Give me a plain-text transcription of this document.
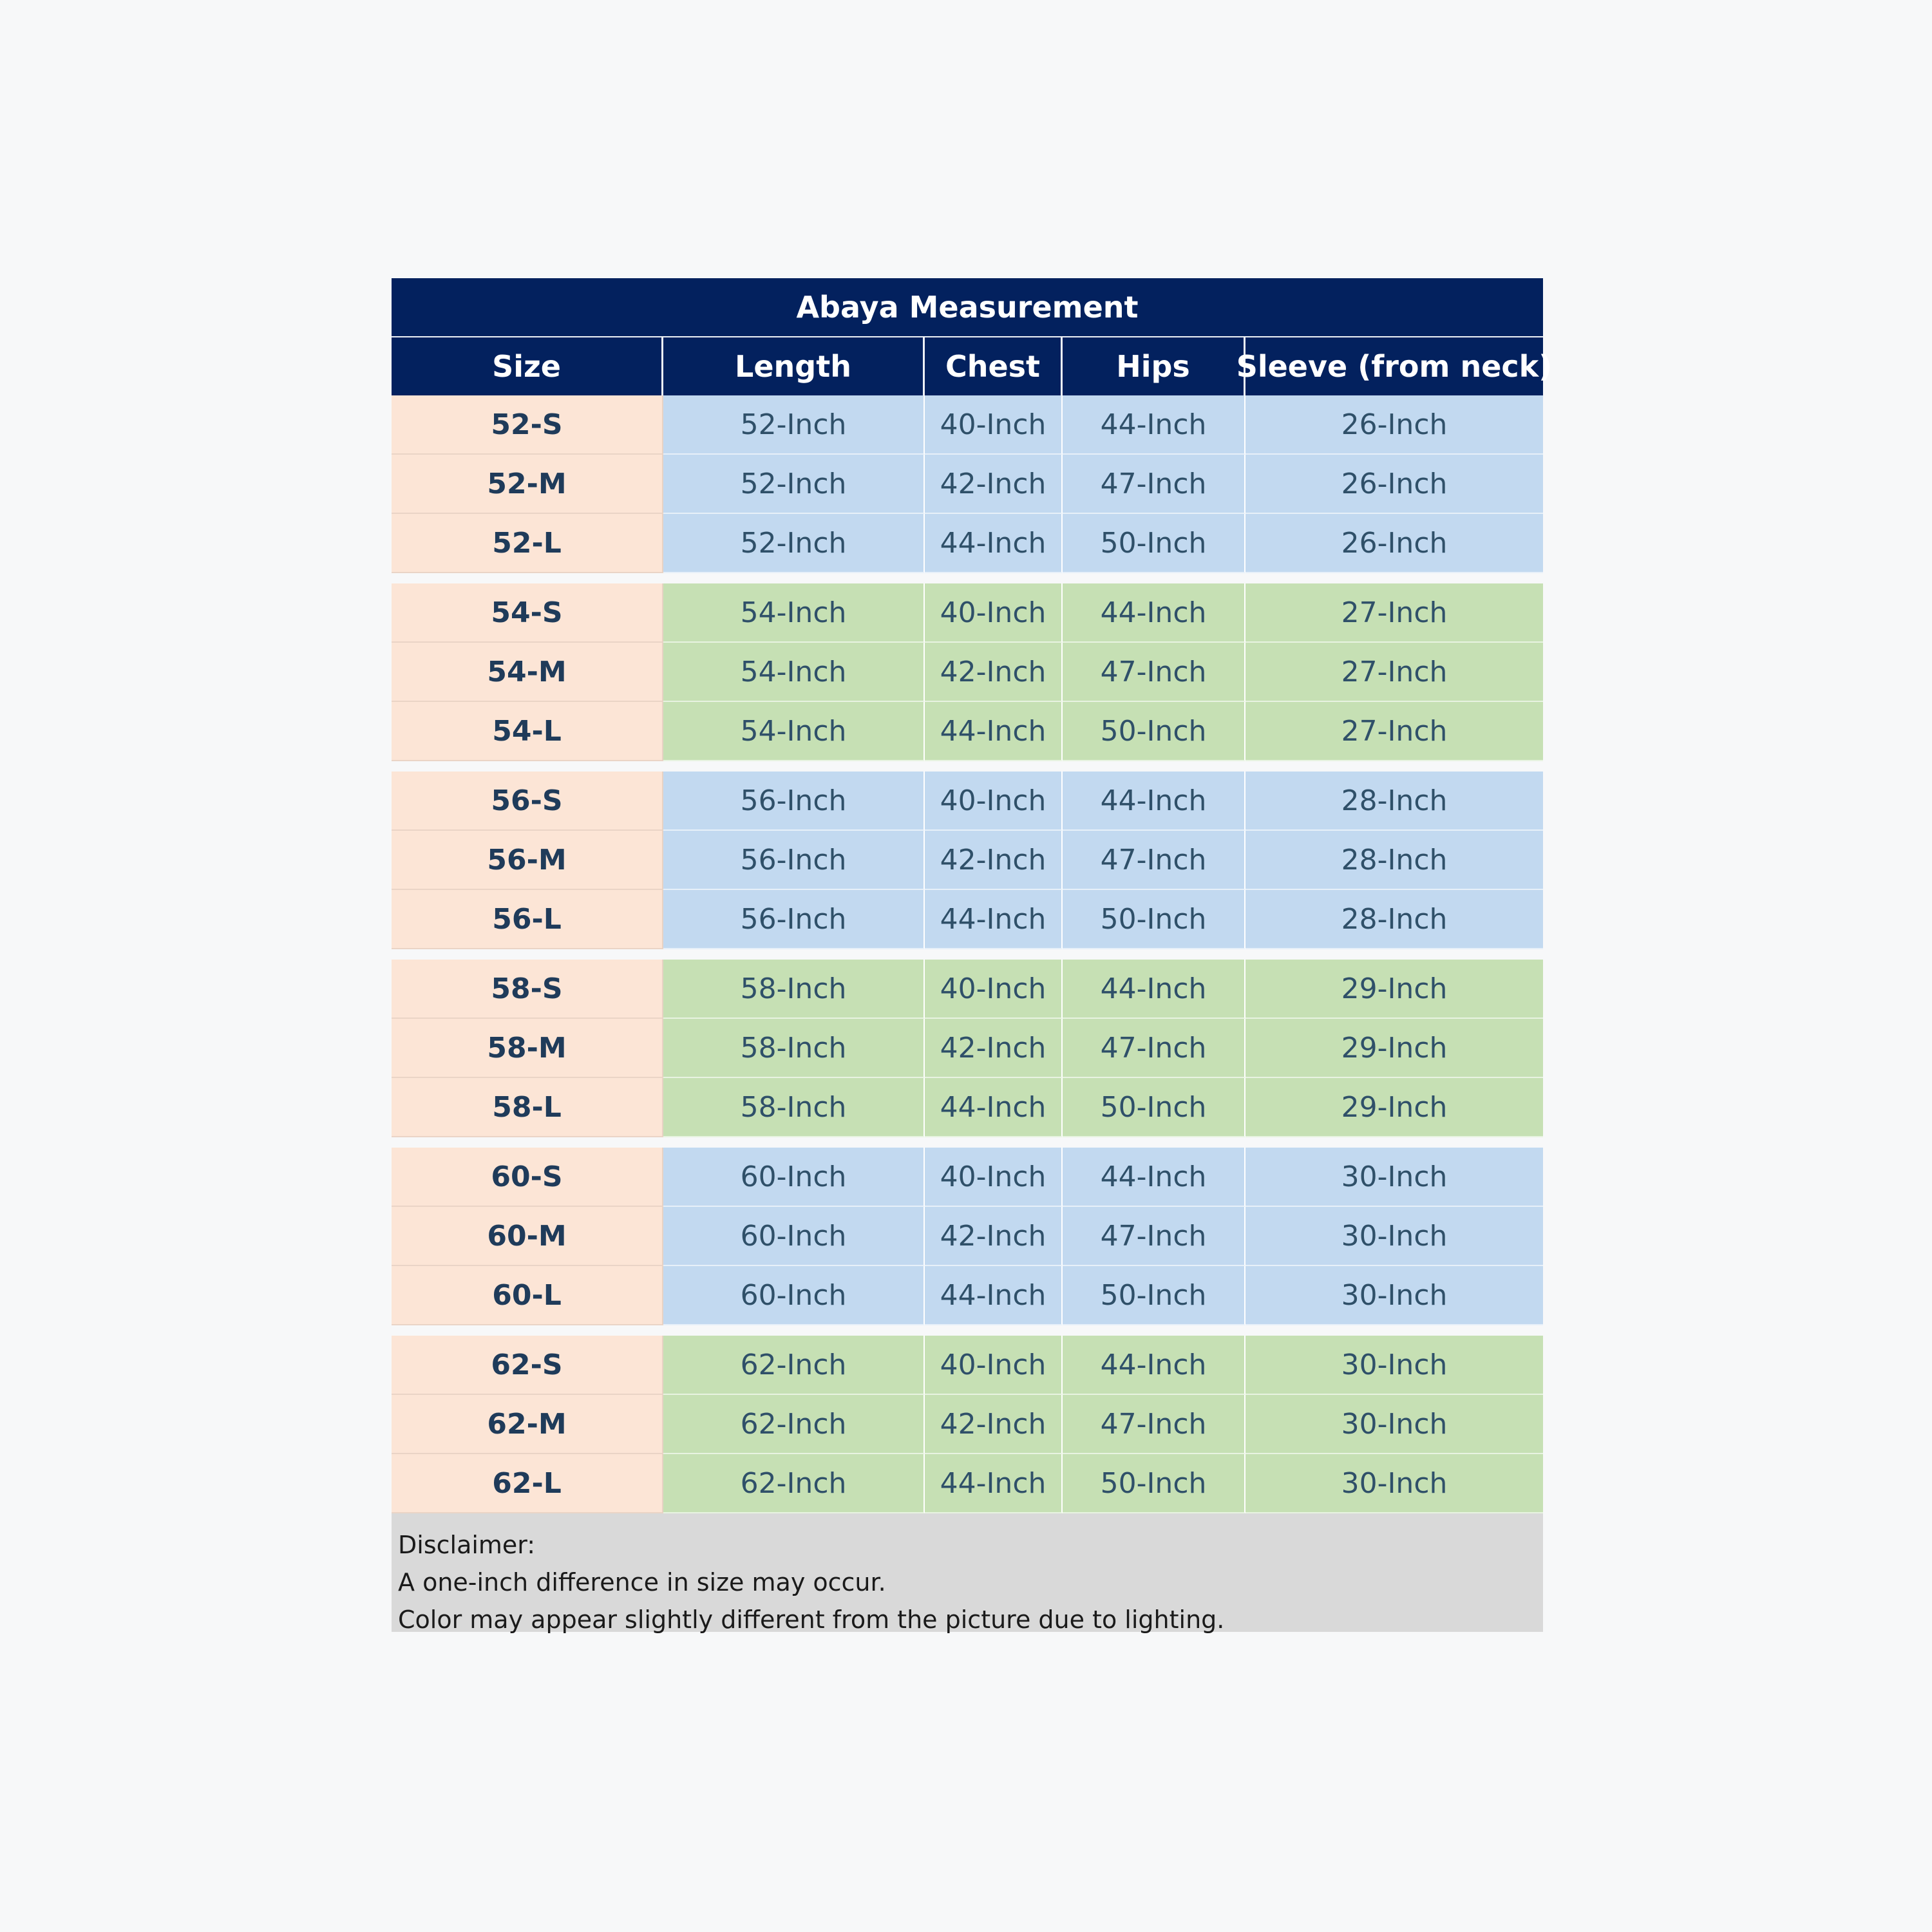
Abaya Measurement
Size	Length	Chest	Hips	Sleeve (from neck)
52-S	52-Inch	40-Inch	44-Inch	26-Inch
52-M	52-Inch	42-Inch	47-Inch	26-Inch
52-L	52-Inch	44-Inch	50-Inch	26-Inch
54-S	54-Inch	40-Inch	44-Inch	27-Inch
54-M	54-Inch	42-Inch	47-Inch	27-Inch
54-L	54-Inch	44-Inch	50-Inch	27-Inch
56-S	56-Inch	40-Inch	44-Inch	28-Inch
56-M	56-Inch	42-Inch	47-Inch	28-Inch
56-L	56-Inch	44-Inch	50-Inch	28-Inch
58-S	58-Inch	40-Inch	44-Inch	29-Inch
58-M	58-Inch	42-Inch	47-Inch	29-Inch
58-L	58-Inch	44-Inch	50-Inch	29-Inch
60-S	60-Inch	40-Inch	44-Inch	30-Inch
60-M	60-Inch	42-Inch	47-Inch	30-Inch
60-L	60-Inch	44-Inch	50-Inch	30-Inch
62-S	62-Inch	40-Inch	44-Inch	30-Inch
62-M	62-Inch	42-Inch	47-Inch	30-Inch
62-L	62-Inch	44-Inch	50-Inch	30-Inch
Disclaimer:
A one-inch difference in size may occur.
Color may appear slightly different from the picture due to lighting.
